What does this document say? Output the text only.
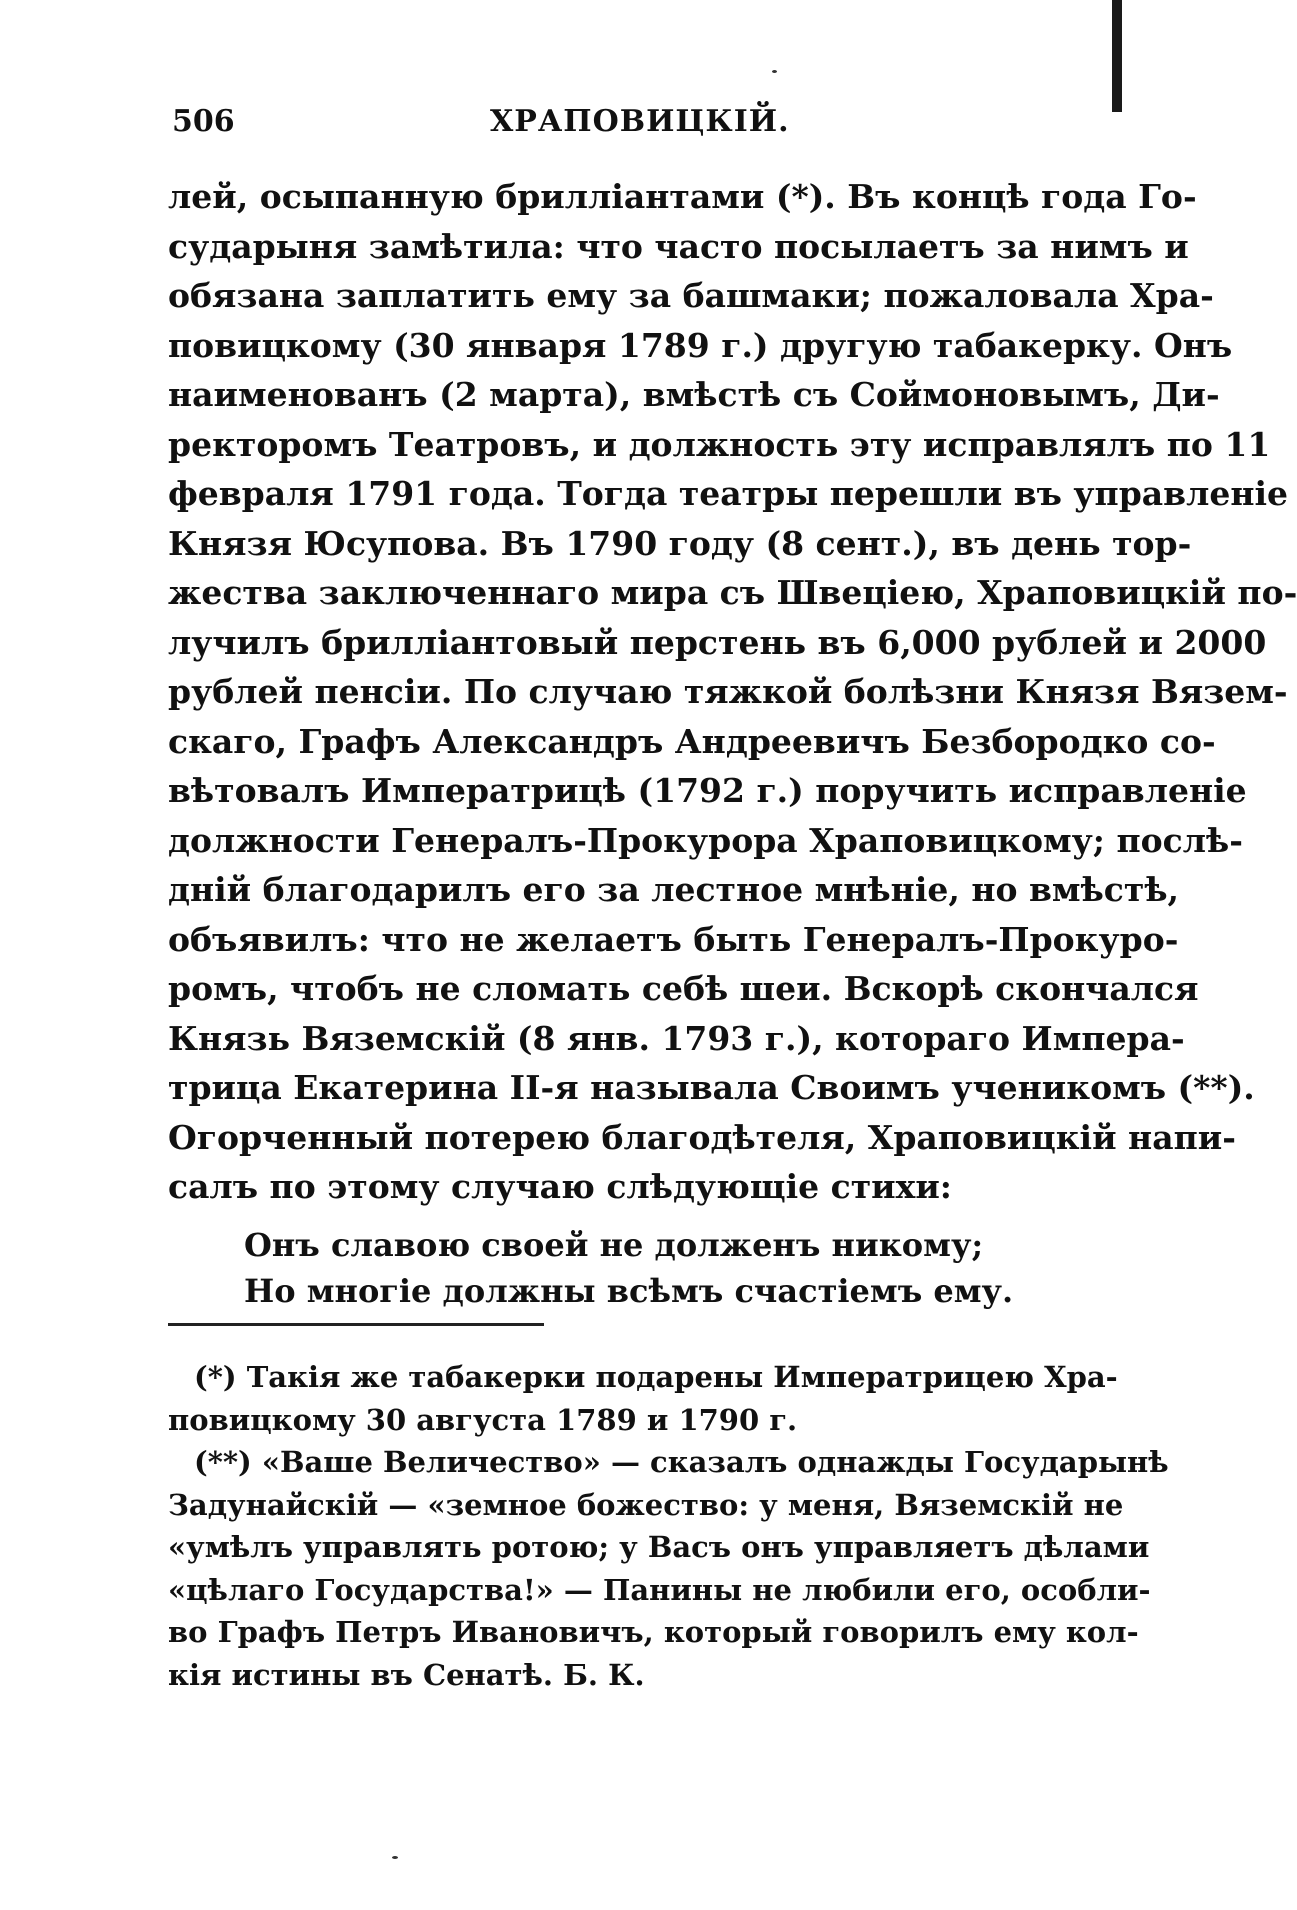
506	ХРАПОВИЦКІЙ.
лей, осыпанную брилліантами (*). Въ концѣ года Го-
сударыня замѣтила: что часто посылаетъ за нимъ и
обязана заплатить ему за башмаки; пожаловала Хра-
повицкому (30 января 1789 г.) другую табакерку. Онъ
наименованъ (2 марта), вмѣстѣ съ Соймоновымъ, Ди-
ректоромъ Театровъ, и должность эту исправлялъ по 11
февраля 1791 года. Тогда театры перешли въ управленіе
Князя Юсупова. Въ 1790 году (8 сент.), въ день тор-
жества заключеннаго мира съ Швеціею, Храповицкій по-
лучилъ брилліантовый перстень въ 6,000 рублей и 2000
рублей пенсіи. По случаю тяжкой болѣзни Князя Вязем-
скаго, Графъ Александръ Андреевичъ Безбородко со-
вѣтовалъ Императрицѣ (1792 г.) поручить исправленіе
должности Генералъ-Прокурора Храповицкому; послѣ-
дній благодарилъ его за лестное мнѣніе, но вмѣстѣ,
объявилъ: что не желаетъ быть Генералъ-Прокуро-
ромъ, чтобъ не сломать себѣ шеи. Вскорѣ скончался
Князь Вяземскій (8 янв. 1793 г.), котораго Импера-
трица Екатерина II-я называла Своимъ ученикомъ (**).
Огорченный потерею благодѣтеля, Храповицкій напи-
салъ по этому случаю слѣдующіе стихи:
Онъ славою своей не долженъ никому;
Но многіе должны всѣмъ счастіемъ ему.
(*) Такія же табакерки подарены Императрицею Хра-
повицкому 30 августа 1789 и 1790 г.
(**) «Ваше Величество» — сказалъ однажды Государынѣ
Задунайскій — «земное божество: у меня, Вяземскій не
«умѣлъ управлять ротою; у Васъ онъ управляетъ дѣлами
«цѣлаго Государства!» — Панины не любили его, особли-
во Графъ Петръ Ивановичъ, который говорилъ ему кол-
кія истины въ Сенатѣ. Б. К.
